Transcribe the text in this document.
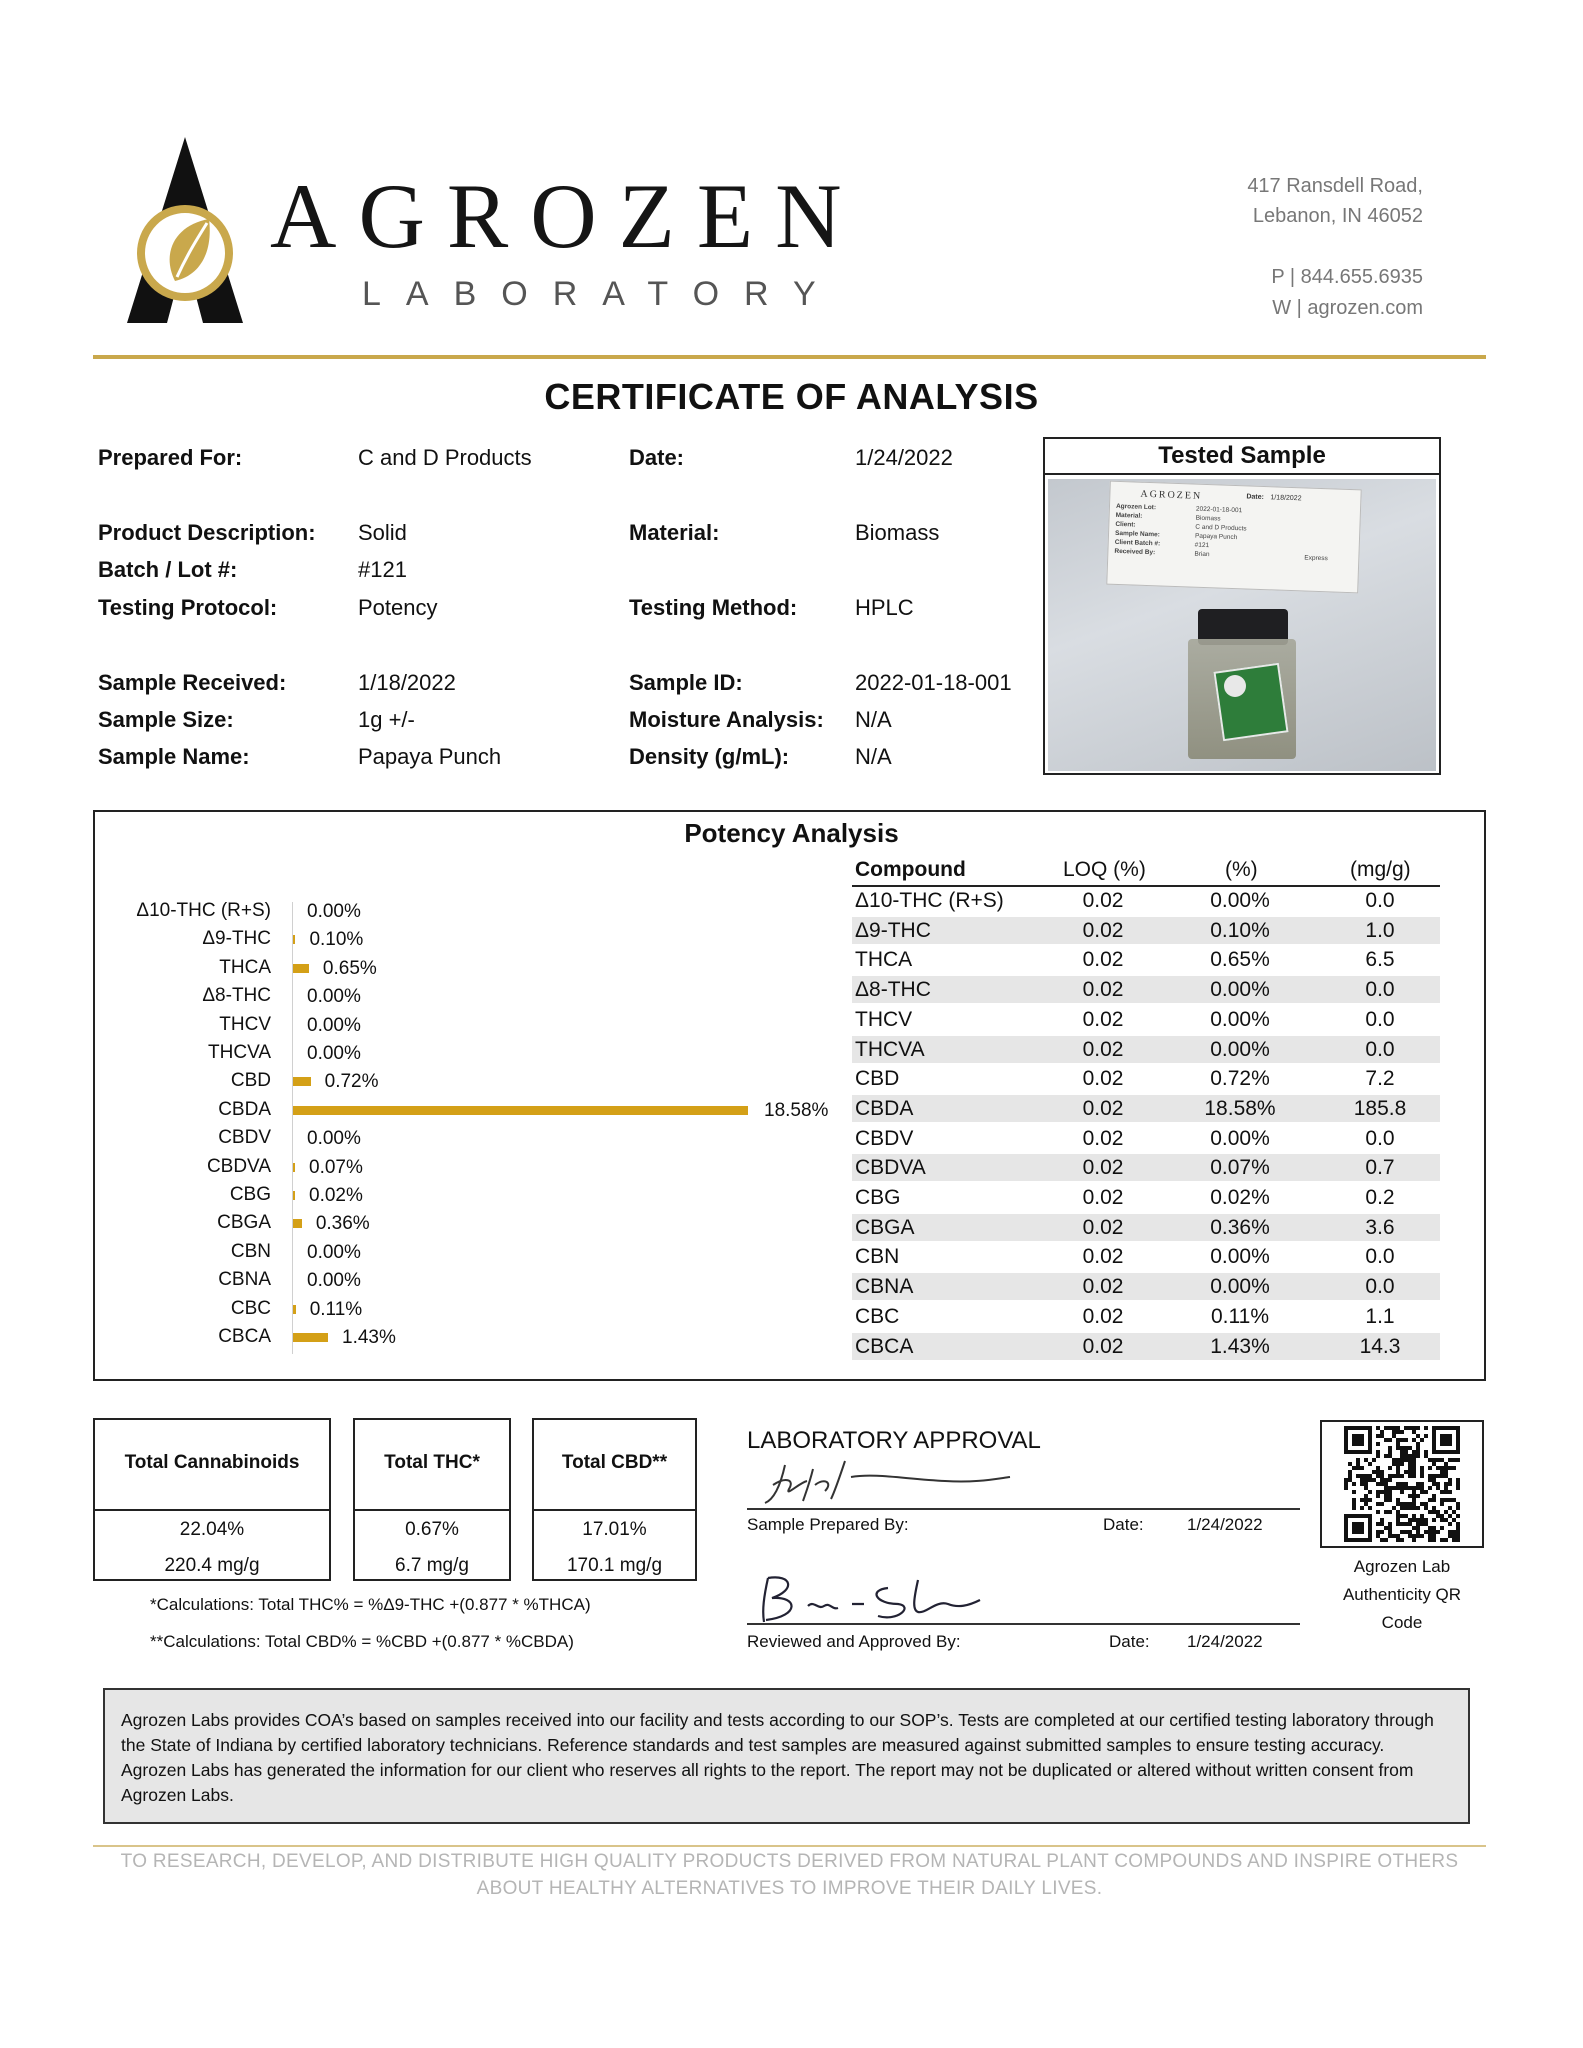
AGROZEN
LABORATORY
417 Ransdell Road,
Lebanon, IN 46052
P | 844.655.6935
W | agrozen.com
CERTIFICATE OF ANALYSIS
Prepared For:	C and D Products	Date:	1/24/2022
Product Description: Solid	Material:	Biomass
Batch / Lot #:	#121
Testing Protocol:	Potency	Testing Method:	HPLC
Sample Received:	1/18/2022	Sample ID:	2022-01-18-001
Sample Size:	1g +/-	Moisture Analysis: N/A
Sample Name:	Papaya Punch	Density (g/mL):	N/A
Tested Sample
AGROZEN	Date: 1/18/2022
Agrozen Lot:	2022-01-18-001
Material:	Biomass
Client:	C and D Products
Sample Name:	Papaya Punch
Client Batch #:	#121
Received By:	Brian
Express
Potency Analysis
Δ10-THC (R+S) 0.00%
Δ9-THC 0.10%
THCA	0.65%
Δ8-THC 0.00%
THCV 0.00%
THCVA 0.00%
CBD	0.72%
CBDA	18.58%
CBDV 0.00%
CBDVA 0.07%
CBG 0.02%
CBGA 0.36%
CBN 0.00%
CBNA 0.00%
CBC 0.11%
CBCA	1.43%
Compound	LOQ (%)	(%)	(mg/g)
Δ10-THC (R+S)	0.02	0.00%	0.0
Δ9-THC	0.02	0.10%	1.0
THCA	0.02	0.65%	6.5
Δ8-THC	0.02	0.00%	0.0
THCV	0.02	0.00%	0.0
THCVA	0.02	0.00%	0.0
CBD	0.02	0.72%	7.2
CBDA	0.02	18.58%	185.8
CBDV	0.02	0.00%	0.0
CBDVA	0.02	0.07%	0.7
CBG	0.02	0.02%	0.2
CBGA	0.02	0.36%	3.6
CBN	0.02	0.00%	0.0
CBNA	0.02	0.00%	0.0
CBC	0.02	0.11%	1.1
CBCA	0.02	1.43%	14.3
Total Cannabinoids
22.04%
220.4 mg/g
Total THC*
0.67%
6.7 mg/g
Total CBD**
17.01%
170.1 mg/g
*Calculations: Total THC% = %Δ9-THC +(0.877 * %THCA)
**Calculations: Total CBD% = %CBD +(0.877 * %CBDA)
LABORATORY APPROVAL
Sample Prepared By:	Date:	1/24/2022
Reviewed and Approved By:	Date: 1/24/2022
Agrozen Lab
Authenticity QR
Code
Agrozen Labs provides COA’s based on samples received into our facility and tests according to our SOP’s. Tests are completed at our certified testing laboratory through the State of Indiana by certified laboratory technicians. Reference standards and test samples are measured against submitted samples to ensure testing accuracy. Agrozen Labs has generated the information for our client who reserves all rights to the report. The report may not be duplicated or altered without written consent from Agrozen Labs.
TO RESEARCH, DEVELOP, AND DISTRIBUTE HIGH QUALITY PRODUCTS DERIVED FROM NATURAL PLANT COMPOUNDS AND INSPIRE OTHERS
ABOUT HEALTHY ALTERNATIVES TO IMPROVE THEIR DAILY LIVES.
